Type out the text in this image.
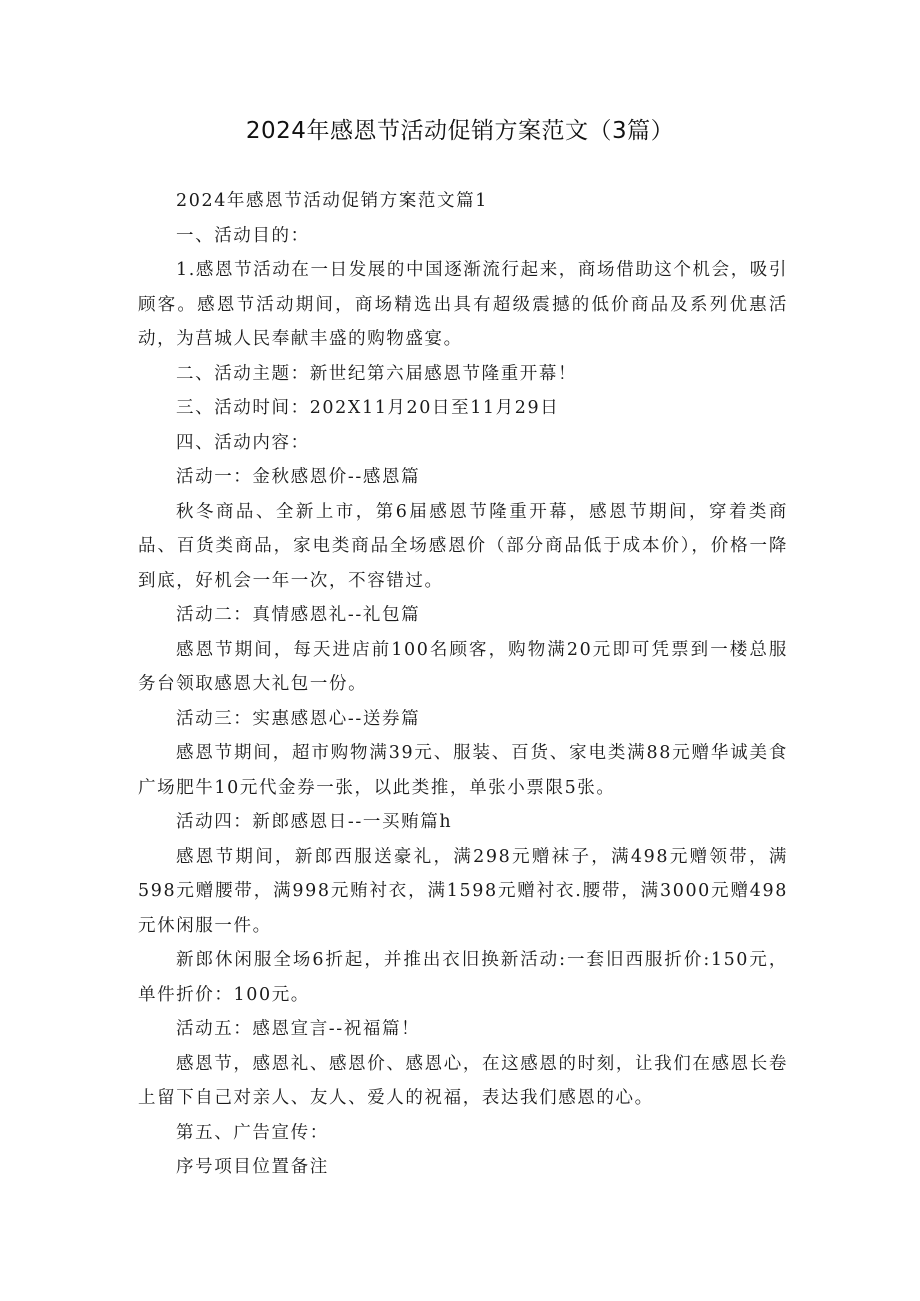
2024年感恩节活动促销方案范文（3篇）

2024年感恩节活动促销方案范文篇1

一、活动目的：

1.感恩节活动在一日发展的中国逐渐流行起来，商场借助这个机会，吸引顾客。感恩节活动期间，商场精选出具有超级震撼的低价商品及系列优惠活动，为莒城人民奉献丰盛的购物盛宴。

二、活动主题：新世纪第六届感恩节隆重开幕！

三、活动时间：202X11月20日至11月29日

四、活动内容：

活动一：金秋感恩价--感恩篇

秋冬商品、全新上市，第6届感恩节隆重开幕，感恩节期间，穿着类商品、百货类商品，家电类商品全场感恩价（部分商品低于成本价），价格一降到底，好机会一年一次，不容错过。

活动二：真情感恩礼--礼包篇

感恩节期间，每天进店前100名顾客，购物满20元即可凭票到一楼总服务台领取感恩大礼包一份。

活动三：实惠感恩心--送券篇

感恩节期间，超市购物满39元、服装、百货、家电类满88元赠华诚美食广场肥牛10元代金券一张，以此类推，单张小票限5张。

活动四：新郎感恩日--一买贿篇h

感恩节期间，新郎西服送豪礼，满298元赠袜子，满498元赠领带，满598元赠腰带，满998元贿衬衣，满1598元赠衬衣.腰带，满3000元赠498元休闲服一件。

新郎休闲服全场6折起，并推出衣旧换新活动:一套旧西服折价:150元，单件折价：100元。

活动五：感恩宣言--祝福篇！

感恩节，感恩礼、感恩价、感恩心，在这感恩的时刻，让我们在感恩长卷上留下自己对亲人、友人、爱人的祝福，表达我们感恩的心。

第五、广告宣传：

序号项目位置备注
